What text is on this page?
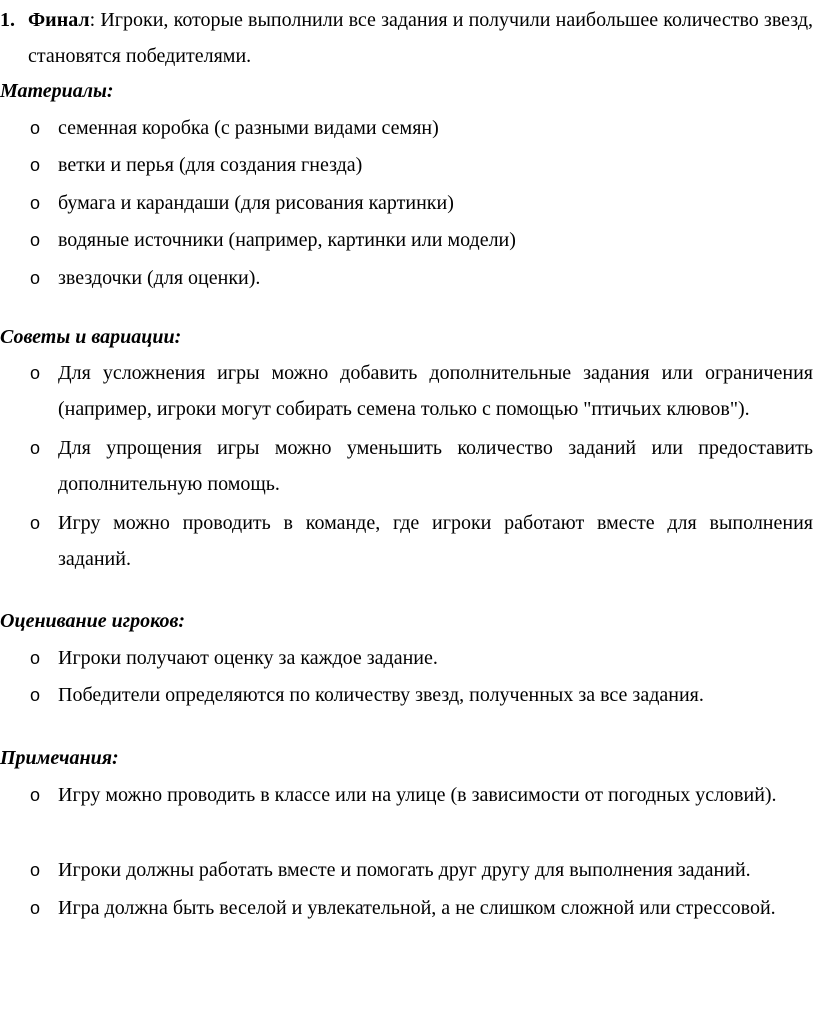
1. Финал: Игроки, которые выполнили все задания и получили наибольшее количество звезд, становятся победителями.
Материалы:
o семенная коробка (с разными видами семян)
o ветки и перья (для создания гнезда)
o бумага и карандаши (для рисования картинки)
o водяные источники (например, картинки или модели)
o звездочки (для оценки).
Советы и вариации:
o Для усложнения игры можно добавить дополнительные задания или ограничения (например, игроки могут собирать семена только с помощью "птичьих клювов").
o Для упрощения игры можно уменьшить количество заданий или предоставить дополнительную помощь.
o Игру можно проводить в команде, где игроки работают вместе для выполнения заданий.
Оценивание игроков:
o Игроки получают оценку за каждое задание.
o Победители определяются по количеству звезд, полученных за все задания.
Примечания:
o Игру можно проводить в классе или на улице (в зависимости от погодных условий).
o Игроки должны работать вместе и помогать друг другу для выполнения заданий.
o Игра должна быть веселой и увлекательной, а не слишком сложной или стрессовой.
